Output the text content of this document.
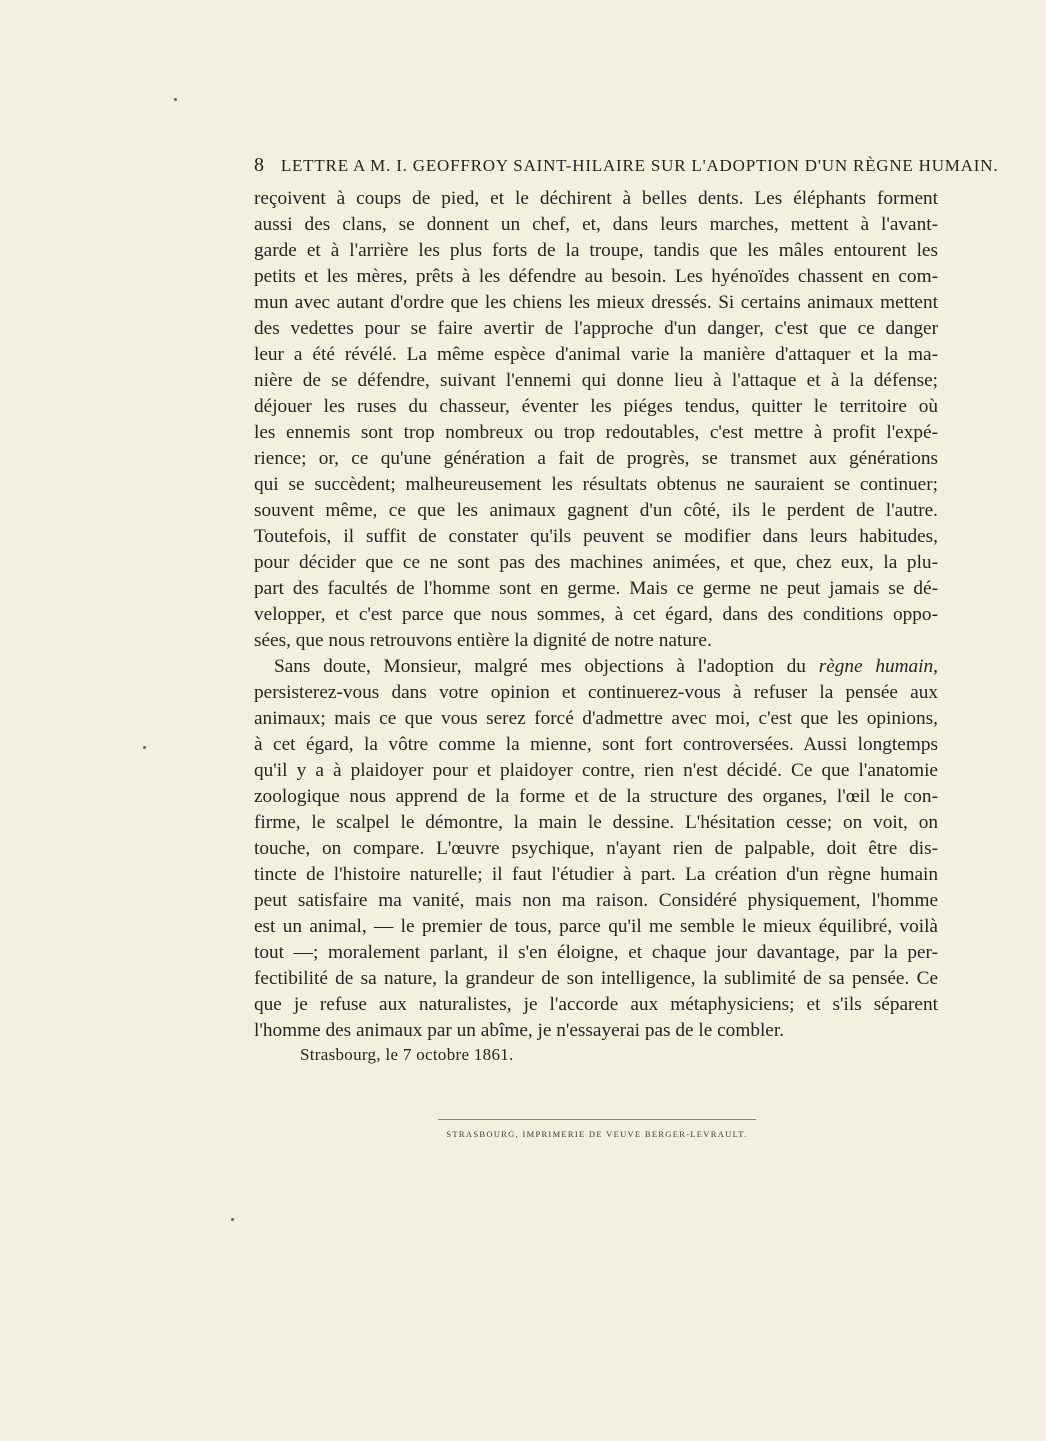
8 LETTRE A M. I. GEOFFROY SAINT-HILAIRE SUR L'ADOPTION D'UN RÈGNE HUMAIN.
reçoivent à coups de pied, et le déchirent à belles dents. Les éléphants forment
aussi des clans, se donnent un chef, et, dans leurs marches, mettent à l'avant-
garde et à l'arrière les plus forts de la troupe, tandis que les mâles entourent les
petits et les mères, prêts à les défendre au besoin. Les hyénoïdes chassent en com-
mun avec autant d'ordre que les chiens les mieux dressés. Si certains animaux mettent
des vedettes pour se faire avertir de l'approche d'un danger, c'est que ce danger
leur a été révélé. La même espèce d'animal varie la manière d'attaquer et la ma-
nière de se défendre, suivant l'ennemi qui donne lieu à l'attaque et à la défense;
déjouer les ruses du chasseur, éventer les piéges tendus, quitter le territoire où
les ennemis sont trop nombreux ou trop redoutables, c'est mettre à profit l'expé-
rience; or, ce qu'une génération a fait de progrès, se transmet aux générations
qui se succèdent; malheureusement les résultats obtenus ne sauraient se continuer;
souvent même, ce que les animaux gagnent d'un côté, ils le perdent de l'autre.
Toutefois, il suffit de constater qu'ils peuvent se modifier dans leurs habitudes,
pour décider que ce ne sont pas des machines animées, et que, chez eux, la plu-
part des facultés de l'homme sont en germe. Mais ce germe ne peut jamais se dé-
velopper, et c'est parce que nous sommes, à cet égard, dans des conditions oppo-
sées, que nous retrouvons entière la dignité de notre nature.
Sans doute, Monsieur, malgré mes objections à l'adoption du règne humain,
persisterez-vous dans votre opinion et continuerez-vous à refuser la pensée aux
animaux; mais ce que vous serez forcé d'admettre avec moi, c'est que les opinions,
à cet égard, la vôtre comme la mienne, sont fort controversées. Aussi longtemps
qu'il y a à plaidoyer pour et plaidoyer contre, rien n'est décidé. Ce que l'anatomie
zoologique nous apprend de la forme et de la structure des organes, l'œil le con-
firme, le scalpel le démontre, la main le dessine. L'hésitation cesse; on voit, on
touche, on compare. L'œuvre psychique, n'ayant rien de palpable, doit être dis-
tincte de l'histoire naturelle; il faut l'étudier à part. La création d'un règne humain
peut satisfaire ma vanité, mais non ma raison. Considéré physiquement, l'homme
est un animal, — le premier de tous, parce qu'il me semble le mieux équilibré, voilà
tout —; moralement parlant, il s'en éloigne, et chaque jour davantage, par la per-
fectibilité de sa nature, la grandeur de son intelligence, la sublimité de sa pensée. Ce
que je refuse aux naturalistes, je l'accorde aux métaphysiciens; et s'ils séparent
l'homme des animaux par un abîme, je n'essayerai pas de le combler.
Strasbourg, le 7 octobre 1861.
STRASBOURG, IMPRIMERIE DE VEUVE BERGER-LEVRAULT.
